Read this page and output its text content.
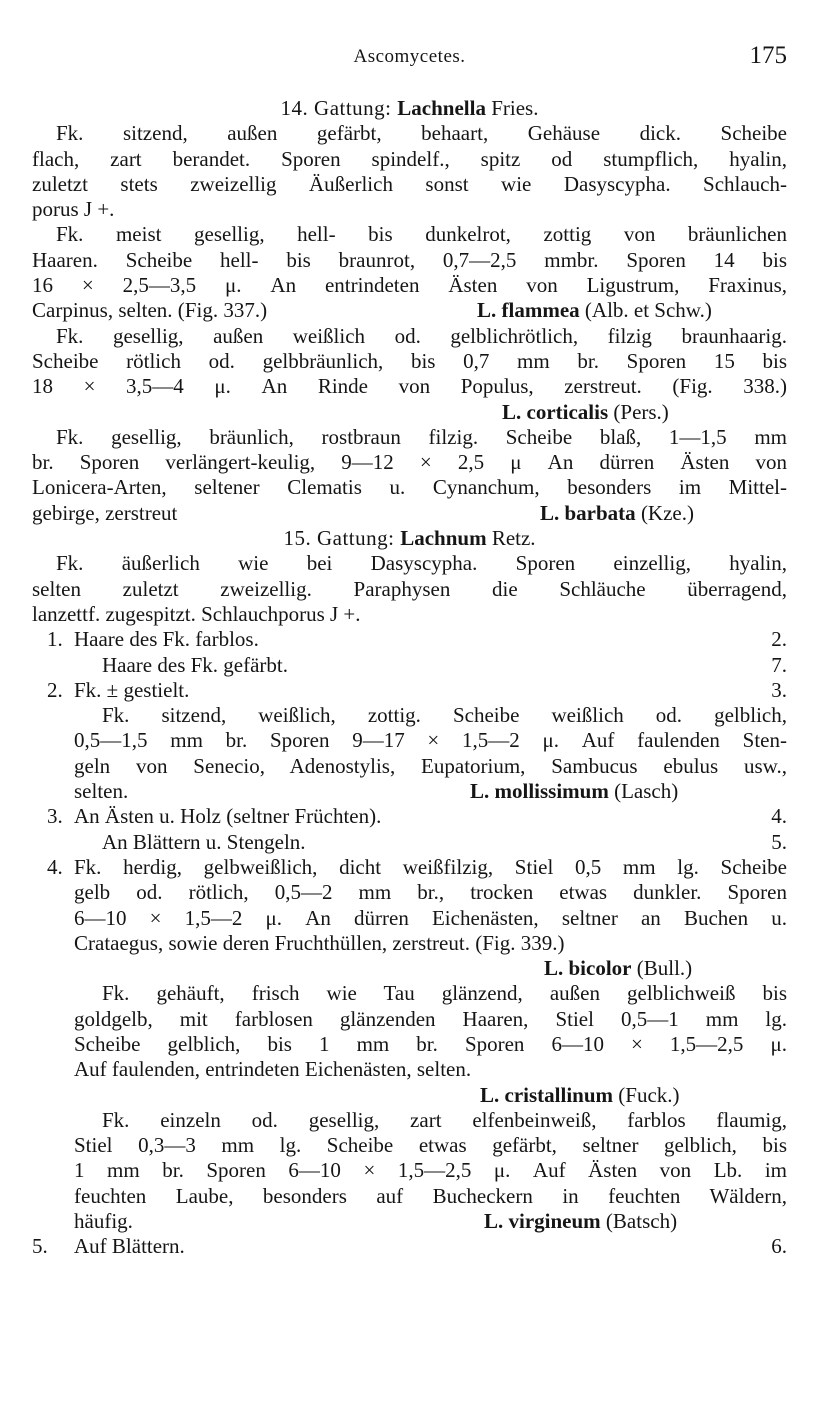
Ascomycetes.	175
14. Gattung: Lachnella Fries.
Fk. sitzend, außen gefärbt, behaart, Gehäuse dick. Scheibe
flach, zart berandet. Sporen spindelf., spitz od stumpflich, hyalin,
zuletzt stets zweizellig Äußerlich sonst wie Dasyscypha. Schlauch-
porus J +.
Fk. meist gesellig, hell- bis dunkelrot, zottig von bräunlichen
Haaren. Scheibe hell- bis braunrot, 0,7—2,5 mmbr. Sporen 14 bis
16 × 2,5—3,5 μ. An entrindeten Ästen von Ligustrum, Fraxinus,
Carpinus, selten. (Fig. 337.)	L. flammea (Alb. et Schw.)
Fk. gesellig, außen weißlich od. gelblichrötlich, filzig braunhaarig.
Scheibe rötlich od. gelbbräunlich, bis 0,7 mm br. Sporen 15 bis
18 × 3,5—4 μ. An Rinde von Populus, zerstreut. (Fig. 338.)
L. corticalis (Pers.)
Fk. gesellig, bräunlich, rostbraun filzig. Scheibe blaß, 1—1,5 mm
br. Sporen verlängert-keulig, 9—12 × 2,5 μ An dürren Ästen von
Lonicera-Arten, seltener Clematis u. Cynanchum, besonders im Mittel-
gebirge, zerstreut	L. barbata (Kze.)
15. Gattung: Lachnum Retz.
Fk. äußerlich wie bei Dasyscypha. Sporen einzellig, hyalin,
selten zuletzt zweizellig. Paraphysen die Schläuche überragend,
lanzettf. zugespitzt. Schlauchporus J +.
1. Haare des Fk. farblos.	2.
Haare des Fk. gefärbt.	7.
2. Fk. ± gestielt.	3.
Fk. sitzend, weißlich, zottig. Scheibe weißlich od. gelblich,
0,5—1,5 mm br. Sporen 9—17 × 1,5—2 μ. Auf faulenden Sten-
geln von Senecio, Adenostylis, Eupatorium, Sambucus ebulus usw.,
selten.	L. mollissimum (Lasch)
3. An Ästen u. Holz (seltner Früchten).	4.
An Blättern u. Stengeln.	5.
4. Fk. herdig, gelbweißlich, dicht weißfilzig, Stiel 0,5 mm lg. Scheibe
gelb od. rötlich, 0,5—2 mm br., trocken etwas dunkler. Sporen
6—10 × 1,5—2 μ. An dürren Eichenästen, seltner an Buchen u.
Crataegus, sowie deren Fruchthüllen, zerstreut. (Fig. 339.)
L. bicolor (Bull.)
Fk. gehäuft, frisch wie Tau glänzend, außen gelblichweiß bis
goldgelb, mit farblosen glänzenden Haaren, Stiel 0,5—1 mm lg.
Scheibe gelblich, bis 1 mm br. Sporen 6—10 × 1,5—2,5 μ.
Auf faulenden, entrindeten Eichenästen, selten.
L. cristallinum (Fuck.)
Fk. einzeln od. gesellig, zart elfenbeinweiß, farblos flaumig,
Stiel 0,3—3 mm lg. Scheibe etwas gefärbt, seltner gelblich, bis
1 mm br. Sporen 6—10 × 1,5—2,5 μ. Auf Ästen von Lb. im
feuchten Laube, besonders auf Bucheckern in feuchten Wäldern,
häufig.	L. virgineum (Batsch)
5. Auf Blättern.	6.
